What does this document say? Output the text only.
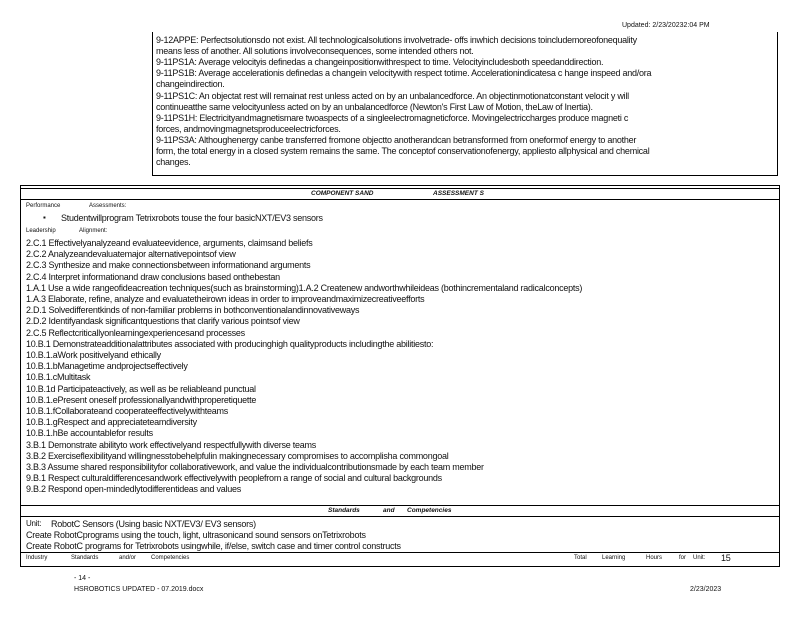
Updated: 2/23/20232:04 PM
9-12APPE: Perfectsolutionsdo not exist. All technologicalsolutions involvetrade- offs inwhich decisions toincludemoreofonequality
means less of another. All solutions involveconsequences, some intended others not.
9-11PS1A: Average velocityis definedas a changeinpositionwithrespect to time. Velocityincludesboth speedanddirection.
9-11PS1B: Average accelerationis definedas a changein velocitywith respect totime. Accelerationindicatesa c hange inspeed and/ora
changeindirection.
9-11PS1C: An objectat rest will remainat rest unless acted on by an unbalancedforce. An objectinmotionatconstant velocit y will
continueatthe same velocityunless acted on by an unbalancedforce (Newton's First Law of Motion, theLaw of Inertia).
9-11PS1H: Electricityandmagnetismare twoaspects of a singleelectromagneticforce. Movingelectriccharges produce magneti c
forces, andmovingmagnetsproduceelectricforces.
9-11PS3A: Althoughenergy canbe transferred fromone objectto anotherandcan betransformed from oneformof energy to another
form, the total energy in a closed system remains the same. The conceptof conservationofenergy, appliesto allphysical and chemical
changes.
COMPONENT SAND	ASSESSMENT S
Performance	Assessments:
▪ Studentwillprogram Tetrixrobots touse the four basicNXT/EV3 sensors
Leadership	Alignment:
2.C.1 Effectivelyanalyzeand evaluateevidence, arguments, claimsand beliefs
2.C.2 Analyzeandevaluatemajor alternativepointsof view
2.C.3 Synthesize and make connectionsbetween informationand arguments
2.C.4 Interpret informationand draw conclusions based onthebestan
1.A.1 Use a wide rangeofideacreation techniques(such as brainstorming)1.A.2 Createnew andworthwhileideas (bothincrementaland radicalconcepts)
1.A.3 Elaborate, refine, analyze and evaluatetheirown ideas in order to improveandmaximizecreativeefforts
2.D.1 Solvedifferentkinds of non-familiar problems in bothconventionalandinnovativeways
2.D.2 Identifyandask significantquestions that clarify various pointsof view
2.C.5 Reflectcriticallyonlearningexperiencesand processes
10.B.1 Demonstrateadditionalattributes associated with producinghigh qualityproducts includingthe abilitiesto:
10.B.1.aWork positivelyand ethically
10.B.1.bManagetime andprojectseffectively
10.B.1.cMultitask
10.B.1d Participateactively, as well as be reliableand punctual
10.B.1.ePresent oneself professionallyandwithproperetiquette
10.B.1.fCollaborateand cooperateeffectivelywithteams
10.B.1.gRespect and appreciateteamdiversity
10.B.1.hBe accountablefor results
3.B.1 Demonstrate abilityto work effectivelyand respectfullywith diverse teams
3.B.2 Exerciseflexibilityand willingnesstobehelpfulin makingnecessary compromises to accomplisha commongoal
3.B.3 Assume shared responsibilityfor collaborativework, and value the individualcontributionsmade by each team member
9.B.1 Respect culturaldifferencesandwork effectivelywith peoplefrom a range of social and cultural backgrounds
9.B.2 Respond open-mindedlytodifferentideas and values
Standards	and Competencies
Unit: RobotC Sensors (Using basic NXT/EV3/ EV3 sensors)
Create RobotCprograms using the touch, light, ultrasonicand sound sensors onTetrixrobots
Create RobotC programs for Tetrixrobots usingwhile, if/else, switch case and timer control constructs
Industry	Standards	and/or Competencies	Total	Learning	Hours	for Unit: 15
- 14 -
HSROBOTICS UPDATED - 07.2019.docx	2/23/2023
